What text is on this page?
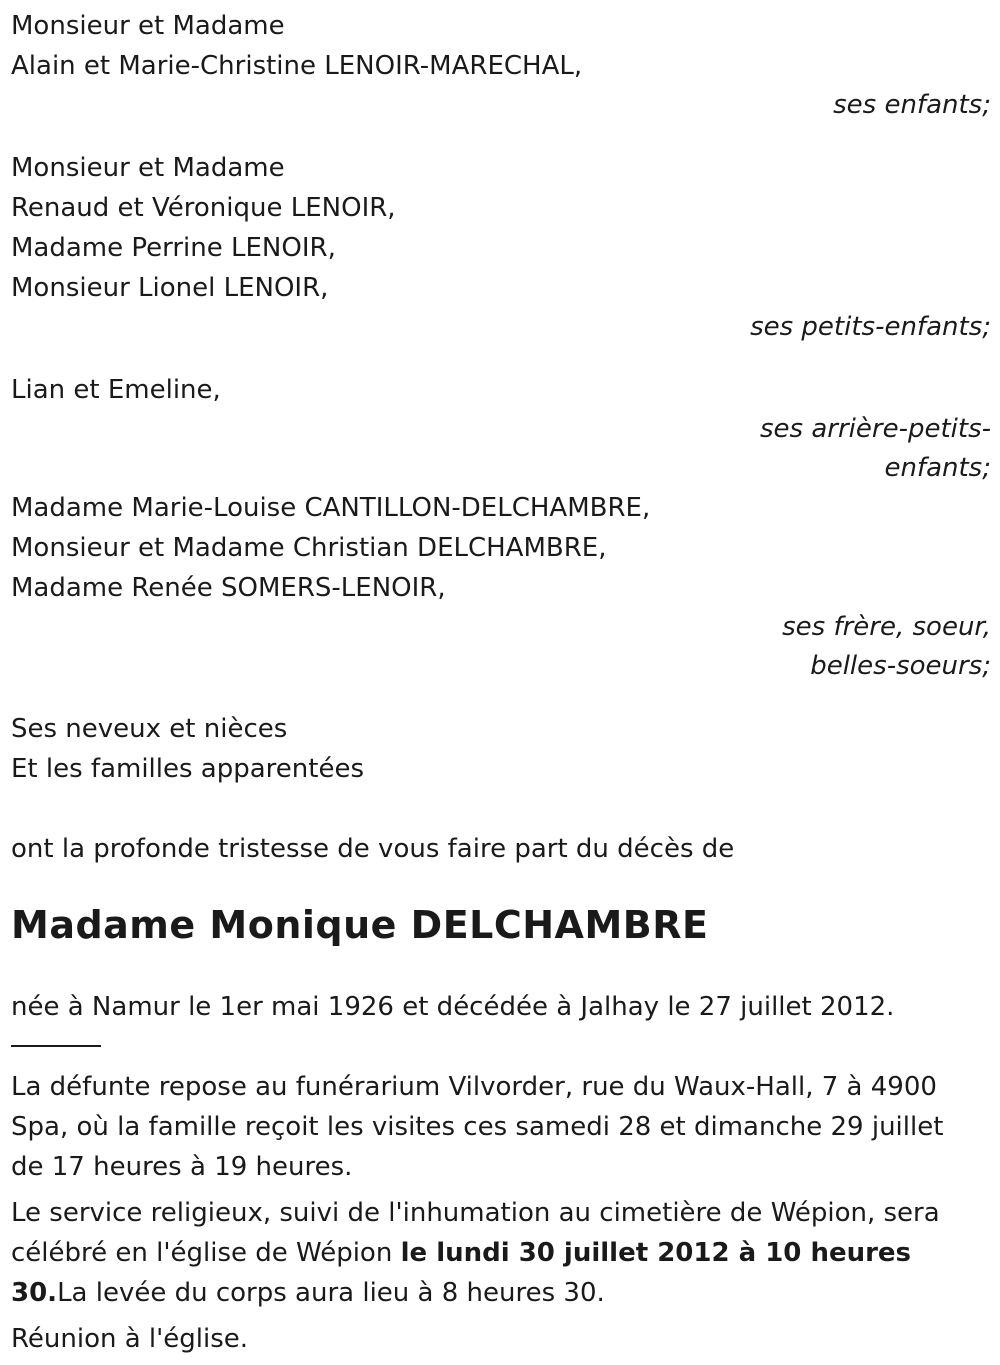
Monsieur et Madame
Alain et Marie-Christine LENOIR-MARECHAL,
ses enfants;
Monsieur et Madame
Renaud et Véronique LENOIR,
Madame Perrine LENOIR,
Monsieur Lionel LENOIR,
ses petits-enfants;
Lian et Emeline,
ses arrière-petits-
enfants;
Madame Marie-Louise CANTILLON-DELCHAMBRE,
Monsieur et Madame Christian DELCHAMBRE,
Madame Renée SOMERS-LENOIR,
ses frère, soeur,
belles-soeurs;
Ses neveux et nièces
Et les familles apparentées
ont la profonde tristesse de vous faire part du décès de
Madame Monique DELCHAMBRE
née à Namur le 1er mai 1926 et décédée à Jalhay le 27 juillet 2012.
La défunte repose au funérarium Vilvorder, rue du Waux-Hall, 7 à 4900 Spa, où la famille reçoit les visites ces samedi 28 et dimanche 29 juillet de 17 heures à 19 heures.
Le service religieux, suivi de l'inhumation au cimetière de Wépion, sera célébré en l'église de Wépion le lundi 30 juillet 2012 à 10 heures 30.La levée du corps aura lieu à 8 heures 30.
Réunion à l'église.
